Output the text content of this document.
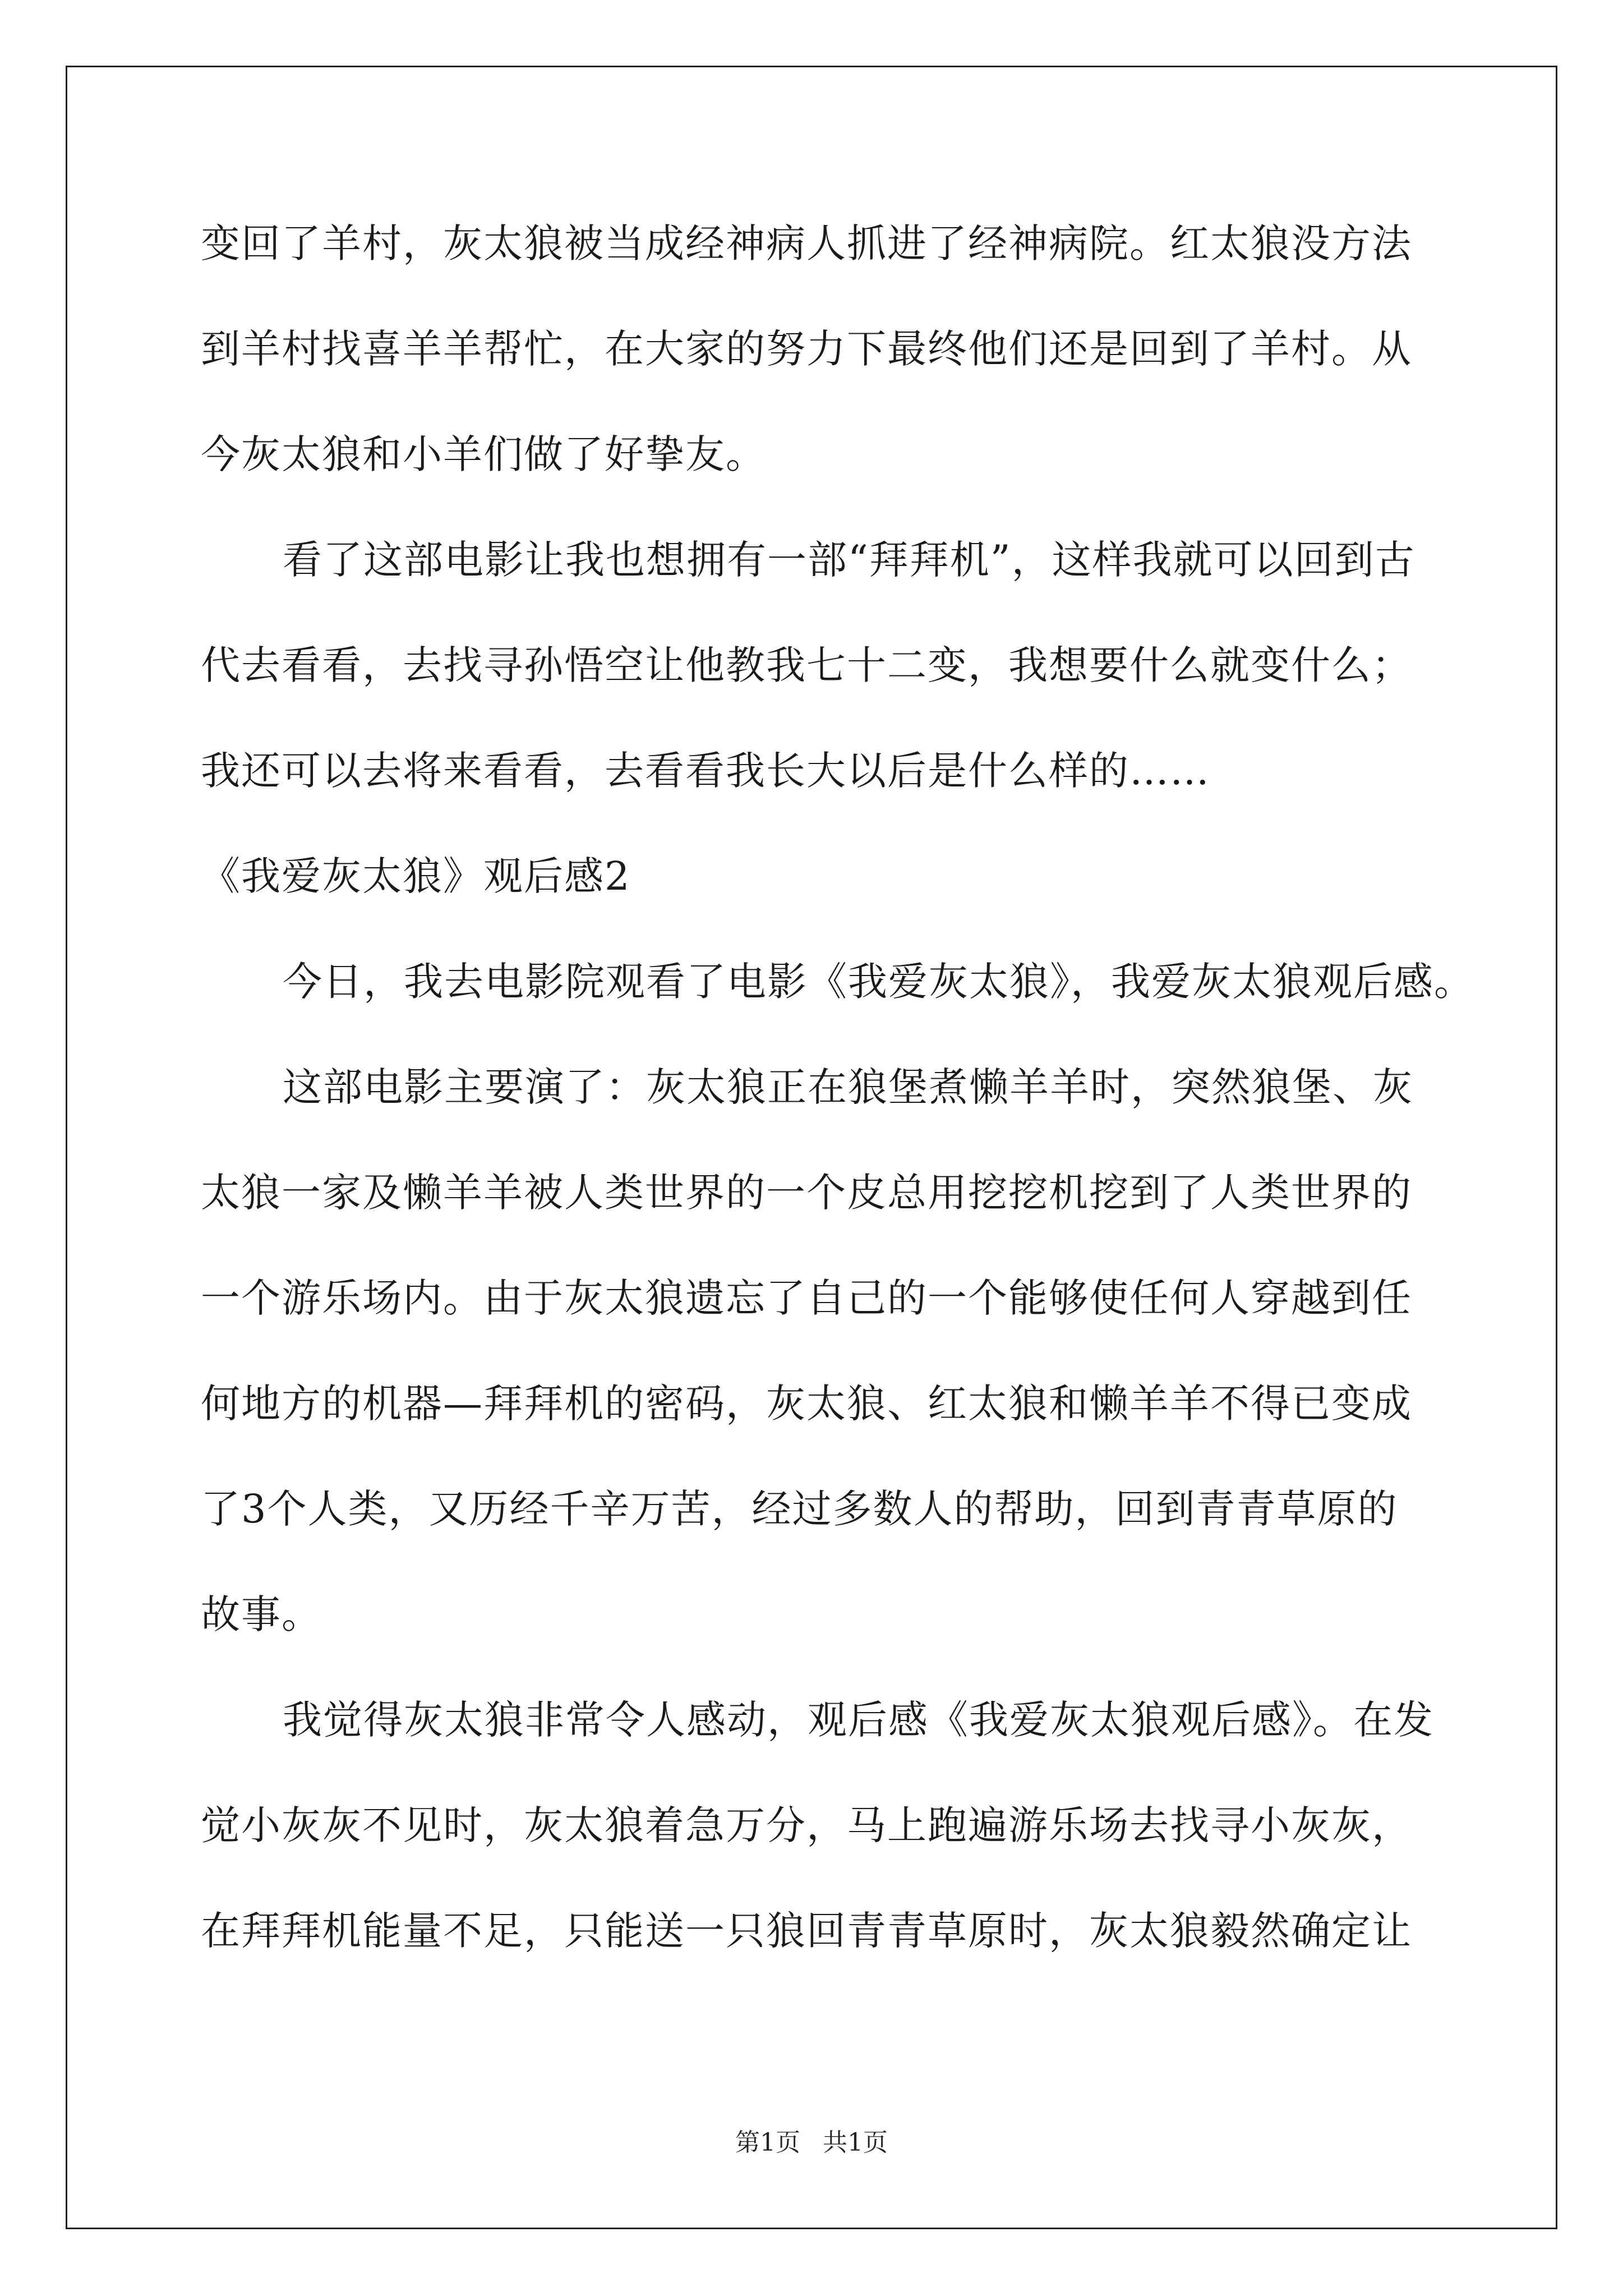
变回了羊村，灰太狼被当成经神病人抓进了经神病院。红太狼没方法
到羊村找喜羊羊帮忙，在大家的努力下最终他们还是回到了羊村。从
今灰太狼和小羊们做了好挚友。
看了这部电影让我也想拥有一部“拜拜机”，这样我就可以回到古
代去看看，去找寻孙悟空让他教我七十二变，我想要什么就变什么；
我还可以去将来看看，去看看我长大以后是什么样的……
《我爱灰太狼》观后感2
今日，我去电影院观看了电影《我爱灰太狼》，我爱灰太狼观后感。
这部电影主要演了：灰太狼正在狼堡煮懒羊羊时，突然狼堡、灰
太狼一家及懒羊羊被人类世界的一个皮总用挖挖机挖到了人类世界的
一个游乐场内。由于灰太狼遗忘了自己的一个能够使任何人穿越到任
何地方的机器—拜拜机的密码，灰太狼、红太狼和懒羊羊不得已变成
了3个人类，又历经千辛万苦，经过多数人的帮助，回到青青草原的
故事。
我觉得灰太狼非常令人感动，观后感《我爱灰太狼观后感》。在发
觉小灰灰不见时，灰太狼着急万分，马上跑遍游乐场去找寻小灰灰，
在拜拜机能量不足，只能送一只狼回青青草原时，灰太狼毅然确定让
第1页 共1页
